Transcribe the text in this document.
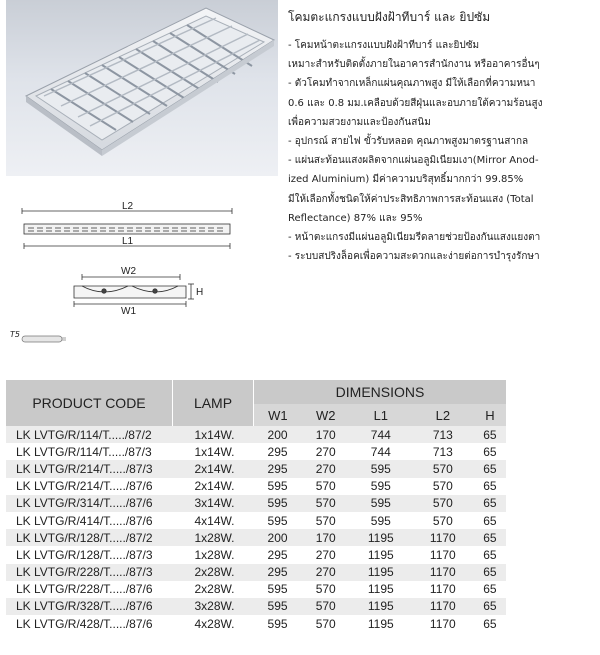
โคมตะแกรงแบบฝังฝ้าทีบาร์ และ ยิปซัม
- โคมหน้าตะแกรงแบบฝังฝ้าทีบาร์ และยิปซัม
เหมาะสำหรับติดตั้งภายในอาคารสำนักงาน หรืออาคารอื่นๆ
- ตัวโคมทำจากเหล็กแผ่นคุณภาพสูง มีให้เลือกที่ความหนา
0.6 และ 0.8 มม.เคลือบด้วยสีฝุ่นและอบภายใต้ความร้อนสูง
เพื่อความสวยงามและป้องกันสนิม
- อุปกรณ์ สายไฟ ขั้วรับหลอด คุณภาพสูงมาตรฐานสากล
- แผ่นสะท้อนแสงผลิตจากแผ่นอลูมิเนียมเงา(Mirror Anod-
ized Aluminium) มีค่าความบริสุทธิ์มากกว่า 99.85%
มีให้เลือกทั้งชนิดให้ค่าประสิทธิภาพการสะท้อนแสง (Total
Reflectance) 87% และ 95%
- หน้าตะแกรงมีแผ่นอลูมิเนียมรีดลายช่วยป้องกันแสงแยงตา
- ระบบสปริงล็อคเพื่อความสะดวกและง่ายต่อการบำรุงรักษา
L2
L1
W2
W1
H
T5
PRODUCT CODE	LAMP	DIMENSIONS				
		W1	W2	L1	L2	H
LK LVTG/R/114/T...../87/2	1x14W.	200	170	744	713	65
LK LVTG/R/114/T...../87/3	1x14W.	295	270	744	713	65
LK LVTG/R/214/T...../87/3	2x14W.	295	270	595	570	65
LK LVTG/R/214/T...../87/6	2x14W.	595	570	595	570	65
LK LVTG/R/314/T...../87/6	3x14W.	595	570	595	570	65
LK LVTG/R/414/T...../87/6	4x14W.	595	570	595	570	65
LK LVTG/R/128/T...../87/2	1x28W.	200	170	1195	1170	65
LK LVTG/R/128/T...../87/3	1x28W.	295	270	1195	1170	65
LK LVTG/R/228/T...../87/3	2x28W.	295	270	1195	1170	65
LK LVTG/R/228/T...../87/6	2x28W.	595	570	1195	1170	65
LK LVTG/R/328/T...../87/6	3x28W.	595	570	1195	1170	65
LK LVTG/R/428/T...../87/6	4x28W.	595	570	1195	1170	65
